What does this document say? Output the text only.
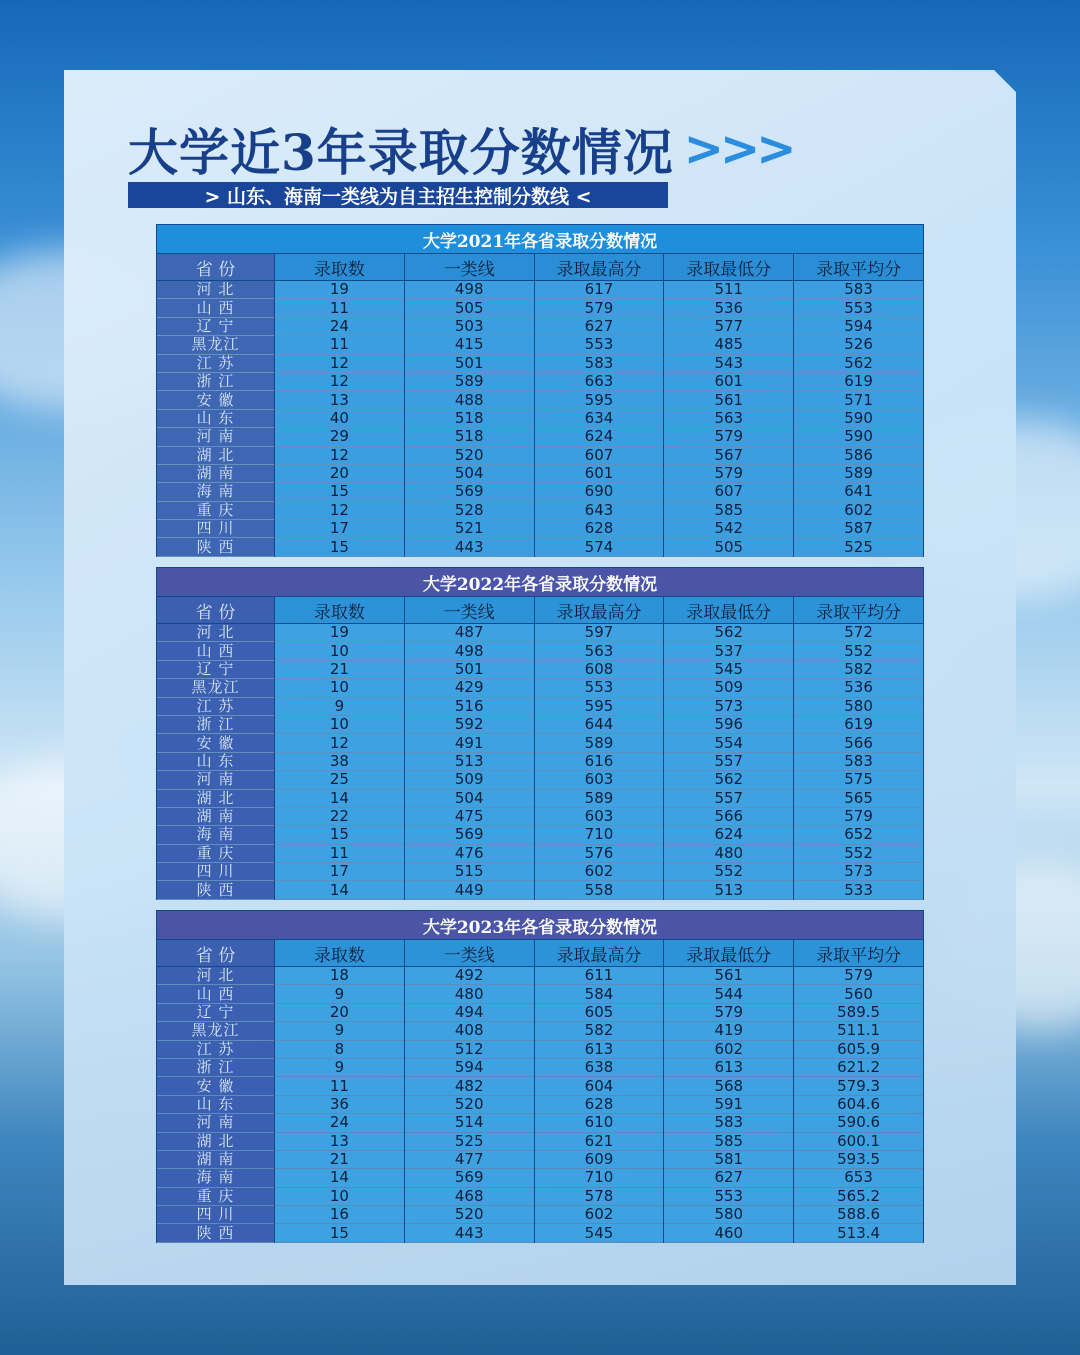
大学近3年录取分数情况 >>>
> 山东、海南一类线为自主招生控制分数线 <
大学2021年各省录取分数情况					
省 份	录取数	一类线	录取最高分	录取最低分	录取平均分
河 北	19	498	617	511	583
山 西	11	505	579	536	553
辽 宁	24	503	627	577	594
黑龙江	11	415	553	485	526
江 苏	12	501	583	543	562
浙 江	12	589	663	601	619
安 徽	13	488	595	561	571
山 东	40	518	634	563	590
河 南	29	518	624	579	590
湖 北	12	520	607	567	586
湖 南	20	504	601	579	589
海 南	15	569	690	607	641
重 庆	12	528	643	585	602
四 川	17	521	628	542	587
陕 西	15	443	574	505	525
大学2022年各省录取分数情况					
省 份	录取数	一类线	录取最高分	录取最低分	录取平均分
河 北	19	487	597	562	572
山 西	10	498	563	537	552
辽 宁	21	501	608	545	582
黑龙江	10	429	553	509	536
江 苏	9	516	595	573	580
浙 江	10	592	644	596	619
安 徽	12	491	589	554	566
山 东	38	513	616	557	583
河 南	25	509	603	562	575
湖 北	14	504	589	557	565
湖 南	22	475	603	566	579
海 南	15	569	710	624	652
重 庆	11	476	576	480	552
四 川	17	515	602	552	573
陕 西	14	449	558	513	533
大学2023年各省录取分数情况					
省 份	录取数	一类线	录取最高分	录取最低分	录取平均分
河 北	18	492	611	561	579
山 西	9	480	584	544	560
辽 宁	20	494	605	579	589.5
黑龙江	9	408	582	419	511.1
江 苏	8	512	613	602	605.9
浙 江	9	594	638	613	621.2
安 徽	11	482	604	568	579.3
山 东	36	520	628	591	604.6
河 南	24	514	610	583	590.6
湖 北	13	525	621	585	600.1
湖 南	21	477	609	581	593.5
海 南	14	569	710	627	653
重 庆	10	468	578	553	565.2
四 川	16	520	602	580	588.6
陕 西	15	443	545	460	513.4
